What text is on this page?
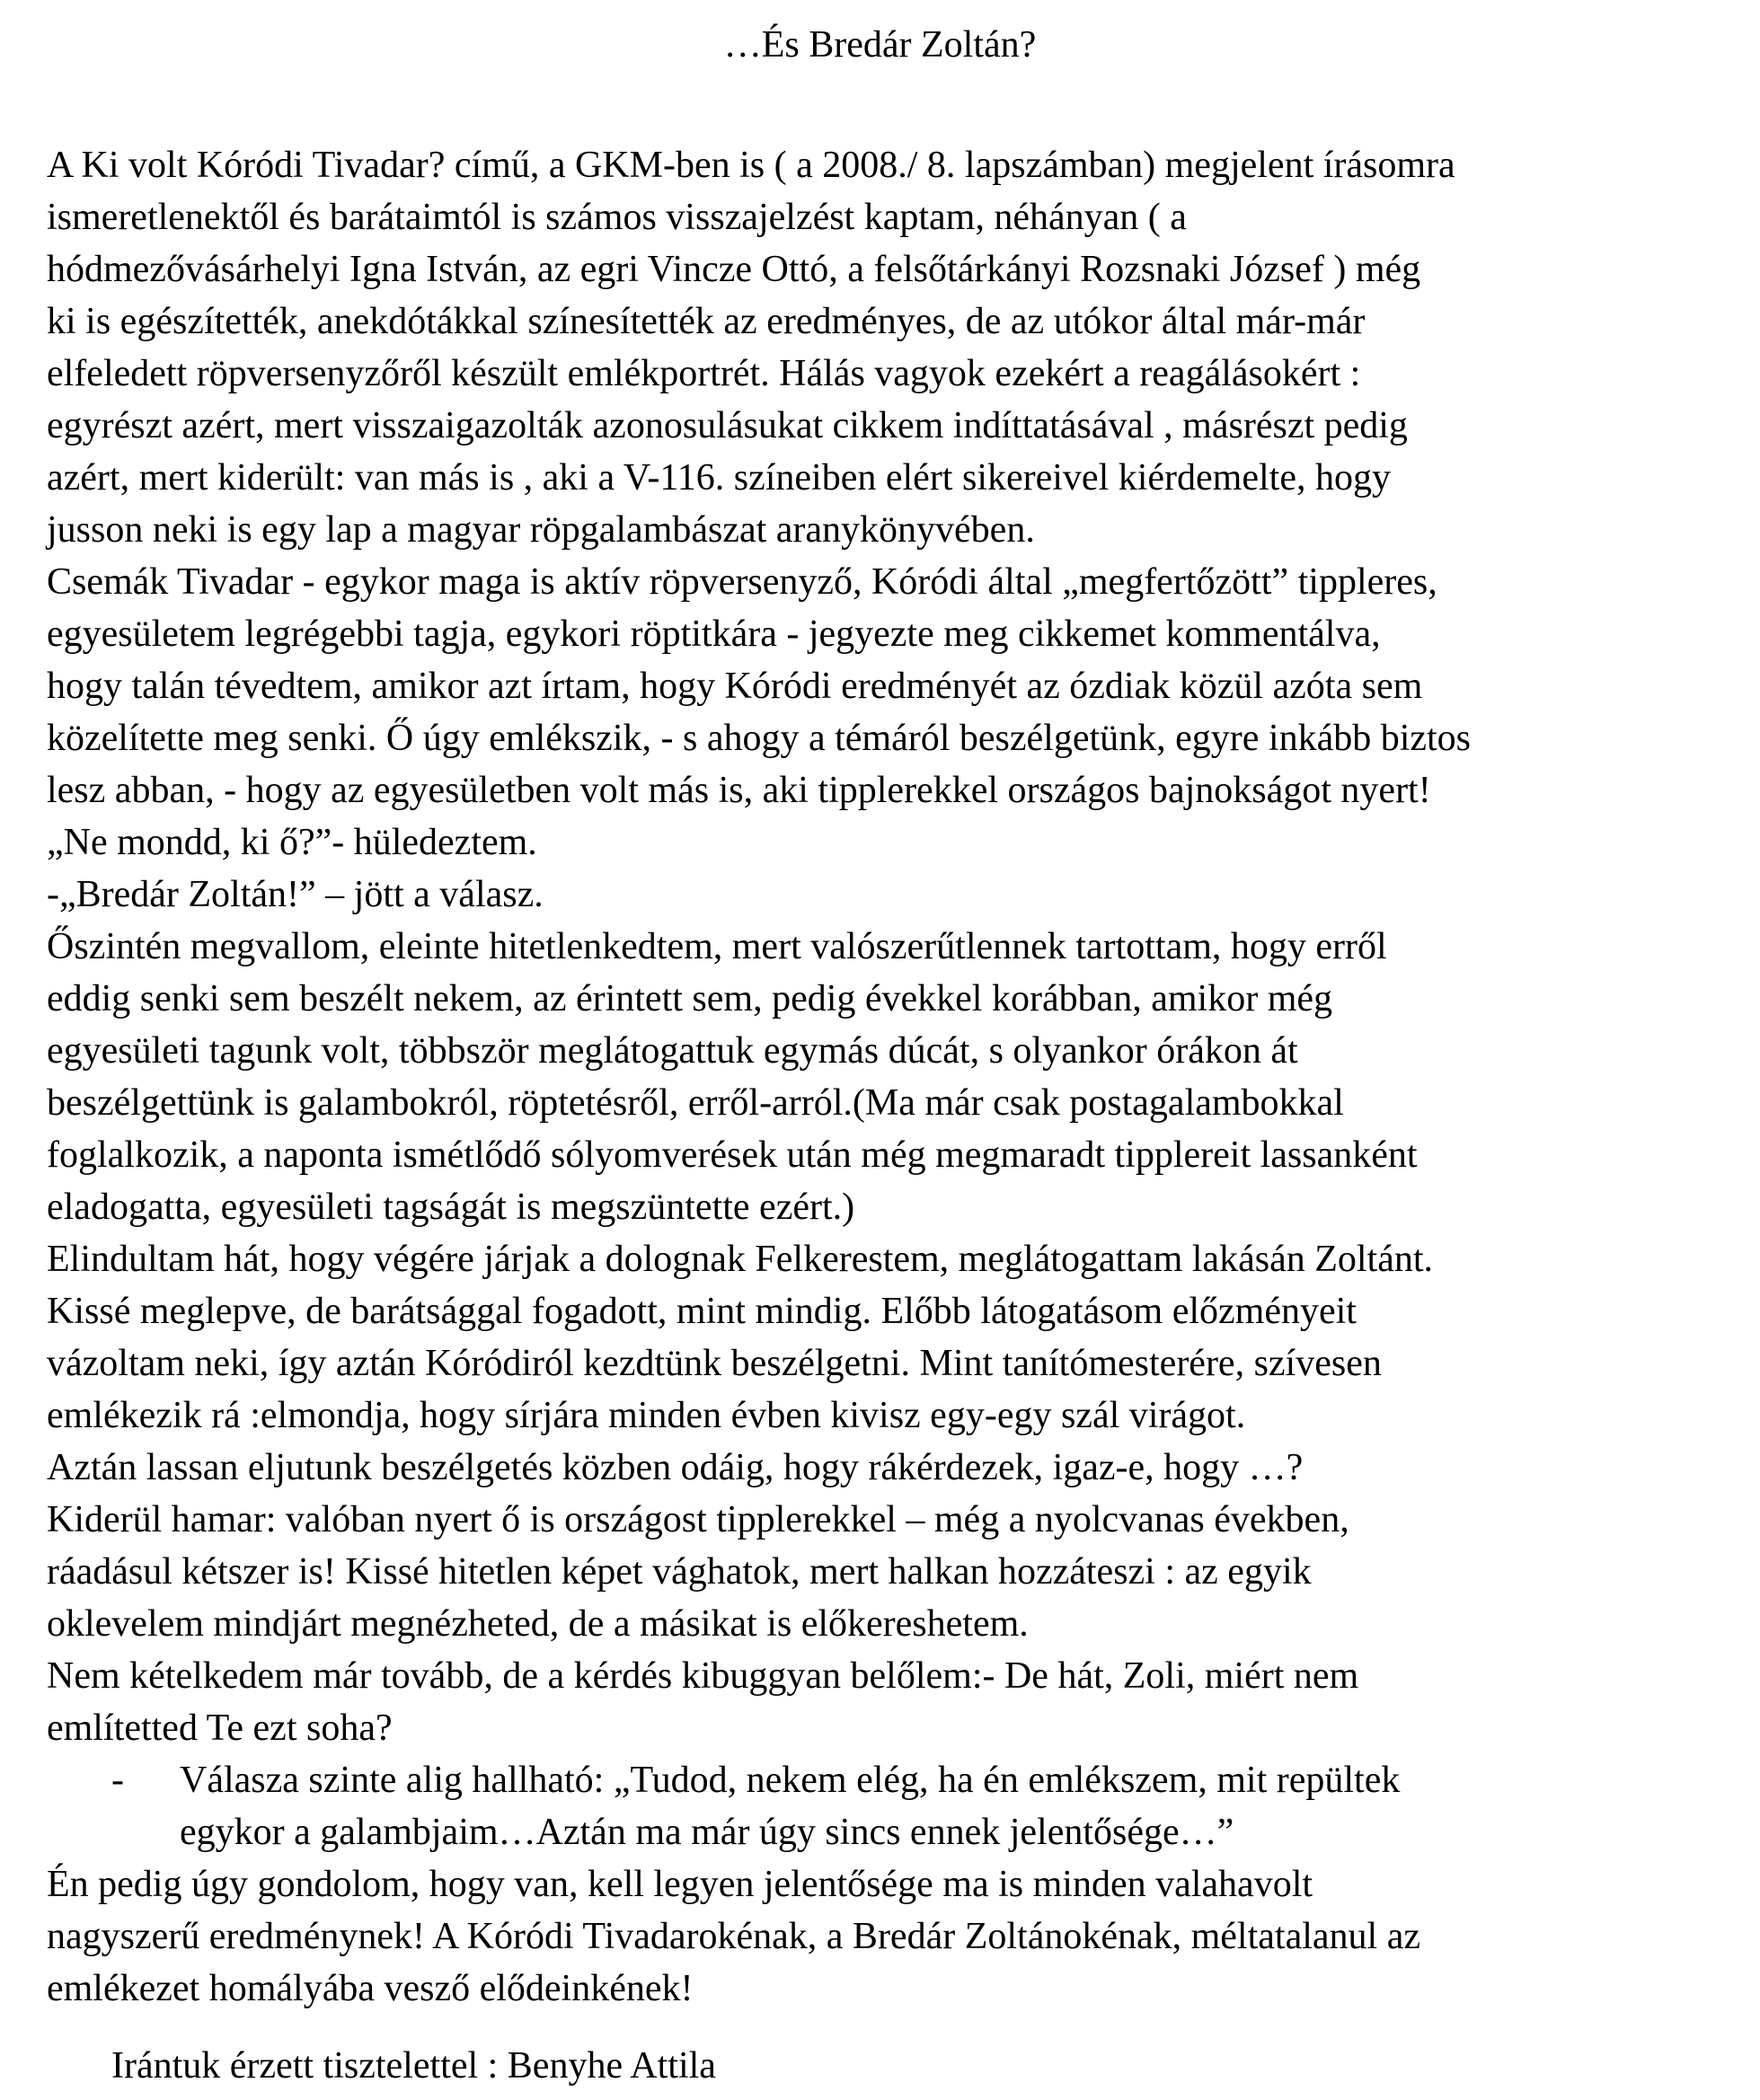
…És Bredár Zoltán?

A Ki volt Kóródi Tivadar? című, a GKM-ben is ( a 2008./ 8. lapszámban) megjelent írásomra

ismeretlenektől és barátaimtól is számos visszajelzést kaptam, néhányan ( a

hódmezővásárhelyi Igna István, az egri Vincze Ottó, a felsőtárkányi Rozsnaki József ) még

ki is egészítették, anekdótákkal színesítették az eredményes, de az utókor által már-már

elfeledett röpversenyzőről készült emlékportrét. Hálás vagyok ezekért a reagálásokért :

egyrészt azért, mert visszaigazolták azonosulásukat cikkem indíttatásával , másrészt pedig

azért, mert kiderült: van más is , aki a V-116. színeiben elért sikereivel kiérdemelte, hogy

jusson neki is egy lap a magyar röpgalambászat aranykönyvében.

Csemák Tivadar - egykor maga is aktív röpversenyző, Kóródi által „megfertőzött” tippleres,

egyesületem legrégebbi tagja, egykori röptitkára - jegyezte meg cikkemet kommentálva,

hogy talán tévedtem, amikor azt írtam, hogy Kóródi eredményét az ózdiak közül azóta sem

közelítette meg senki. Ő úgy emlékszik, - s ahogy a témáról beszélgetünk, egyre inkább biztos

lesz abban, - hogy az egyesületben volt más is, aki tipplerekkel országos bajnokságot nyert!

„Ne mondd, ki ő?”- hüledeztem.

-„Bredár Zoltán!” – jött a válasz.

Őszintén megvallom, eleinte hitetlenkedtem, mert valószerűtlennek tartottam, hogy erről

eddig senki sem beszélt nekem, az érintett sem, pedig évekkel korábban, amikor még

egyesületi tagunk volt, többször meglátogattuk egymás dúcát, s olyankor órákon át

beszélgettünk is galambokról, röptetésről, erről-arról.(Ma már csak postagalambokkal

foglalkozik, a naponta ismétlődő sólyomverések után még megmaradt tipplereit lassanként

eladogatta, egyesületi tagságát is megszüntette ezért.)

Elindultam hát, hogy végére járjak a dolognak Felkerestem, meglátogattam lakásán Zoltánt.

Kissé meglepve, de barátsággal fogadott, mint mindig. Előbb látogatásom előzményeit

vázoltam neki, így aztán Kóródiról kezdtünk beszélgetni. Mint tanítómesterére, szívesen

emlékezik rá :elmondja, hogy sírjára minden évben kivisz egy-egy szál virágot.

Aztán lassan eljutunk beszélgetés közben odáig, hogy rákérdezek, igaz-e, hogy …?

Kiderül hamar: valóban nyert ő is országost tipplerekkel – még a nyolcvanas években,

ráadásul kétszer is! Kissé hitetlen képet vághatok, mert halkan hozzáteszi : az egyik

oklevelem mindjárt megnézheted, de a másikat is előkereshetem.

Nem kételkedem már tovább, de a kérdés kibuggyan belőlem:- De hát, Zoli, miért nem

említetted Te ezt soha?

- Válasza szinte alig hallható: „Tudod, nekem elég, ha én emlékszem, mit repültek
egykor a galambjaim…Aztán ma már úgy sincs ennek jelentősége…”

Én pedig úgy gondolom, hogy van, kell legyen jelentősége ma is minden valahavolt

nagyszerű eredménynek! A Kóródi Tivadarokénak, a Bredár Zoltánokénak, méltatalanul az

emlékezet homályába vesző elődeinkének!

Irántuk érzett tisztelettel : Benyhe Attila
